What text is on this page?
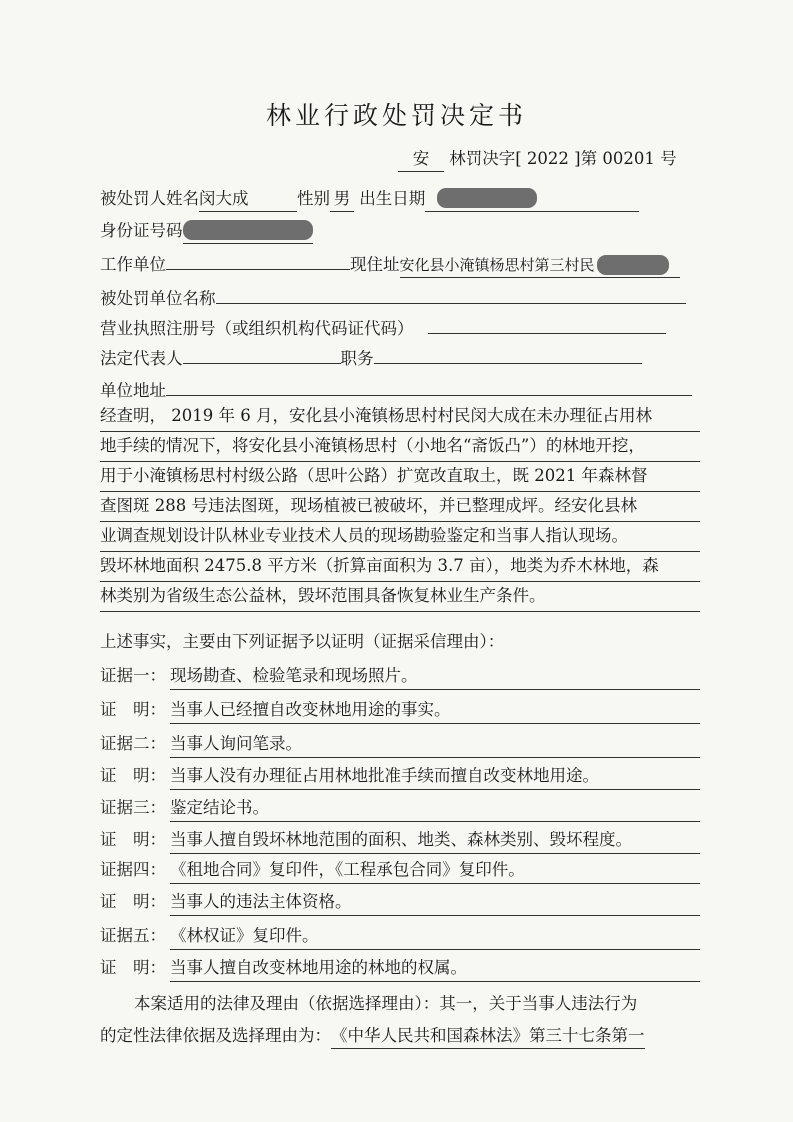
林业行政处罚决定书
安 林罚决字[ 2022 ]第 00201 号
被处罚人姓名闵大成	性别 男 出生日期
身份证号码
工作单位	现住址安化县小淹镇杨思村第三村民
被处罚单位名称
营业执照注册号（或组织机构代码证代码）
法定代表人	职务
单位地址
经查明， 2019 年 6 月，安化县小淹镇杨思村村民闵大成在未办理征占用林
地手续的情况下，将安化县小淹镇杨思村（小地名“斋饭凸”）的林地开挖，
用于小淹镇杨思村村级公路（思叶公路）扩宽改直取土，既 2021 年森林督
查图斑 288 号违法图斑，现场植被已被破坏，并已整理成坪。经安化县林
业调查规划设计队林业专业技术人员的现场勘验鉴定和当事人指认现场。
毁坏林地面积 2475.8 平方米（折算亩面积为 3.7 亩），地类为乔木林地，森
林类别为省级生态公益林，毁坏范围具备恢复林业生产条件。
上述事实，主要由下列证据予以证明（证据采信理由）：
证据一： 现场勘查、检验笔录和现场照片。
证　明： 当事人已经擅自改变林地用途的事实。
证据二： 当事人询问笔录。
证　明： 当事人没有办理征占用林地批准手续而擅自改变林地用途。
证据三： 鉴定结论书。
证　明： 当事人擅自毁坏林地范围的面积、地类、森林类别、毁坏程度。
证据四： 《租地合同》复印件，《工程承包合同》复印件。
证　明： 当事人的违法主体资格。
证据五： 《林权证》复印件。
证　明： 当事人擅自改变林地用途的林地的权属。
本案适用的法律及理由（依据选择理由）：其一，关于当事人违法行为
的定性法律依据及选择理由为：《中华人民共和国森林法》第三十七条第一
